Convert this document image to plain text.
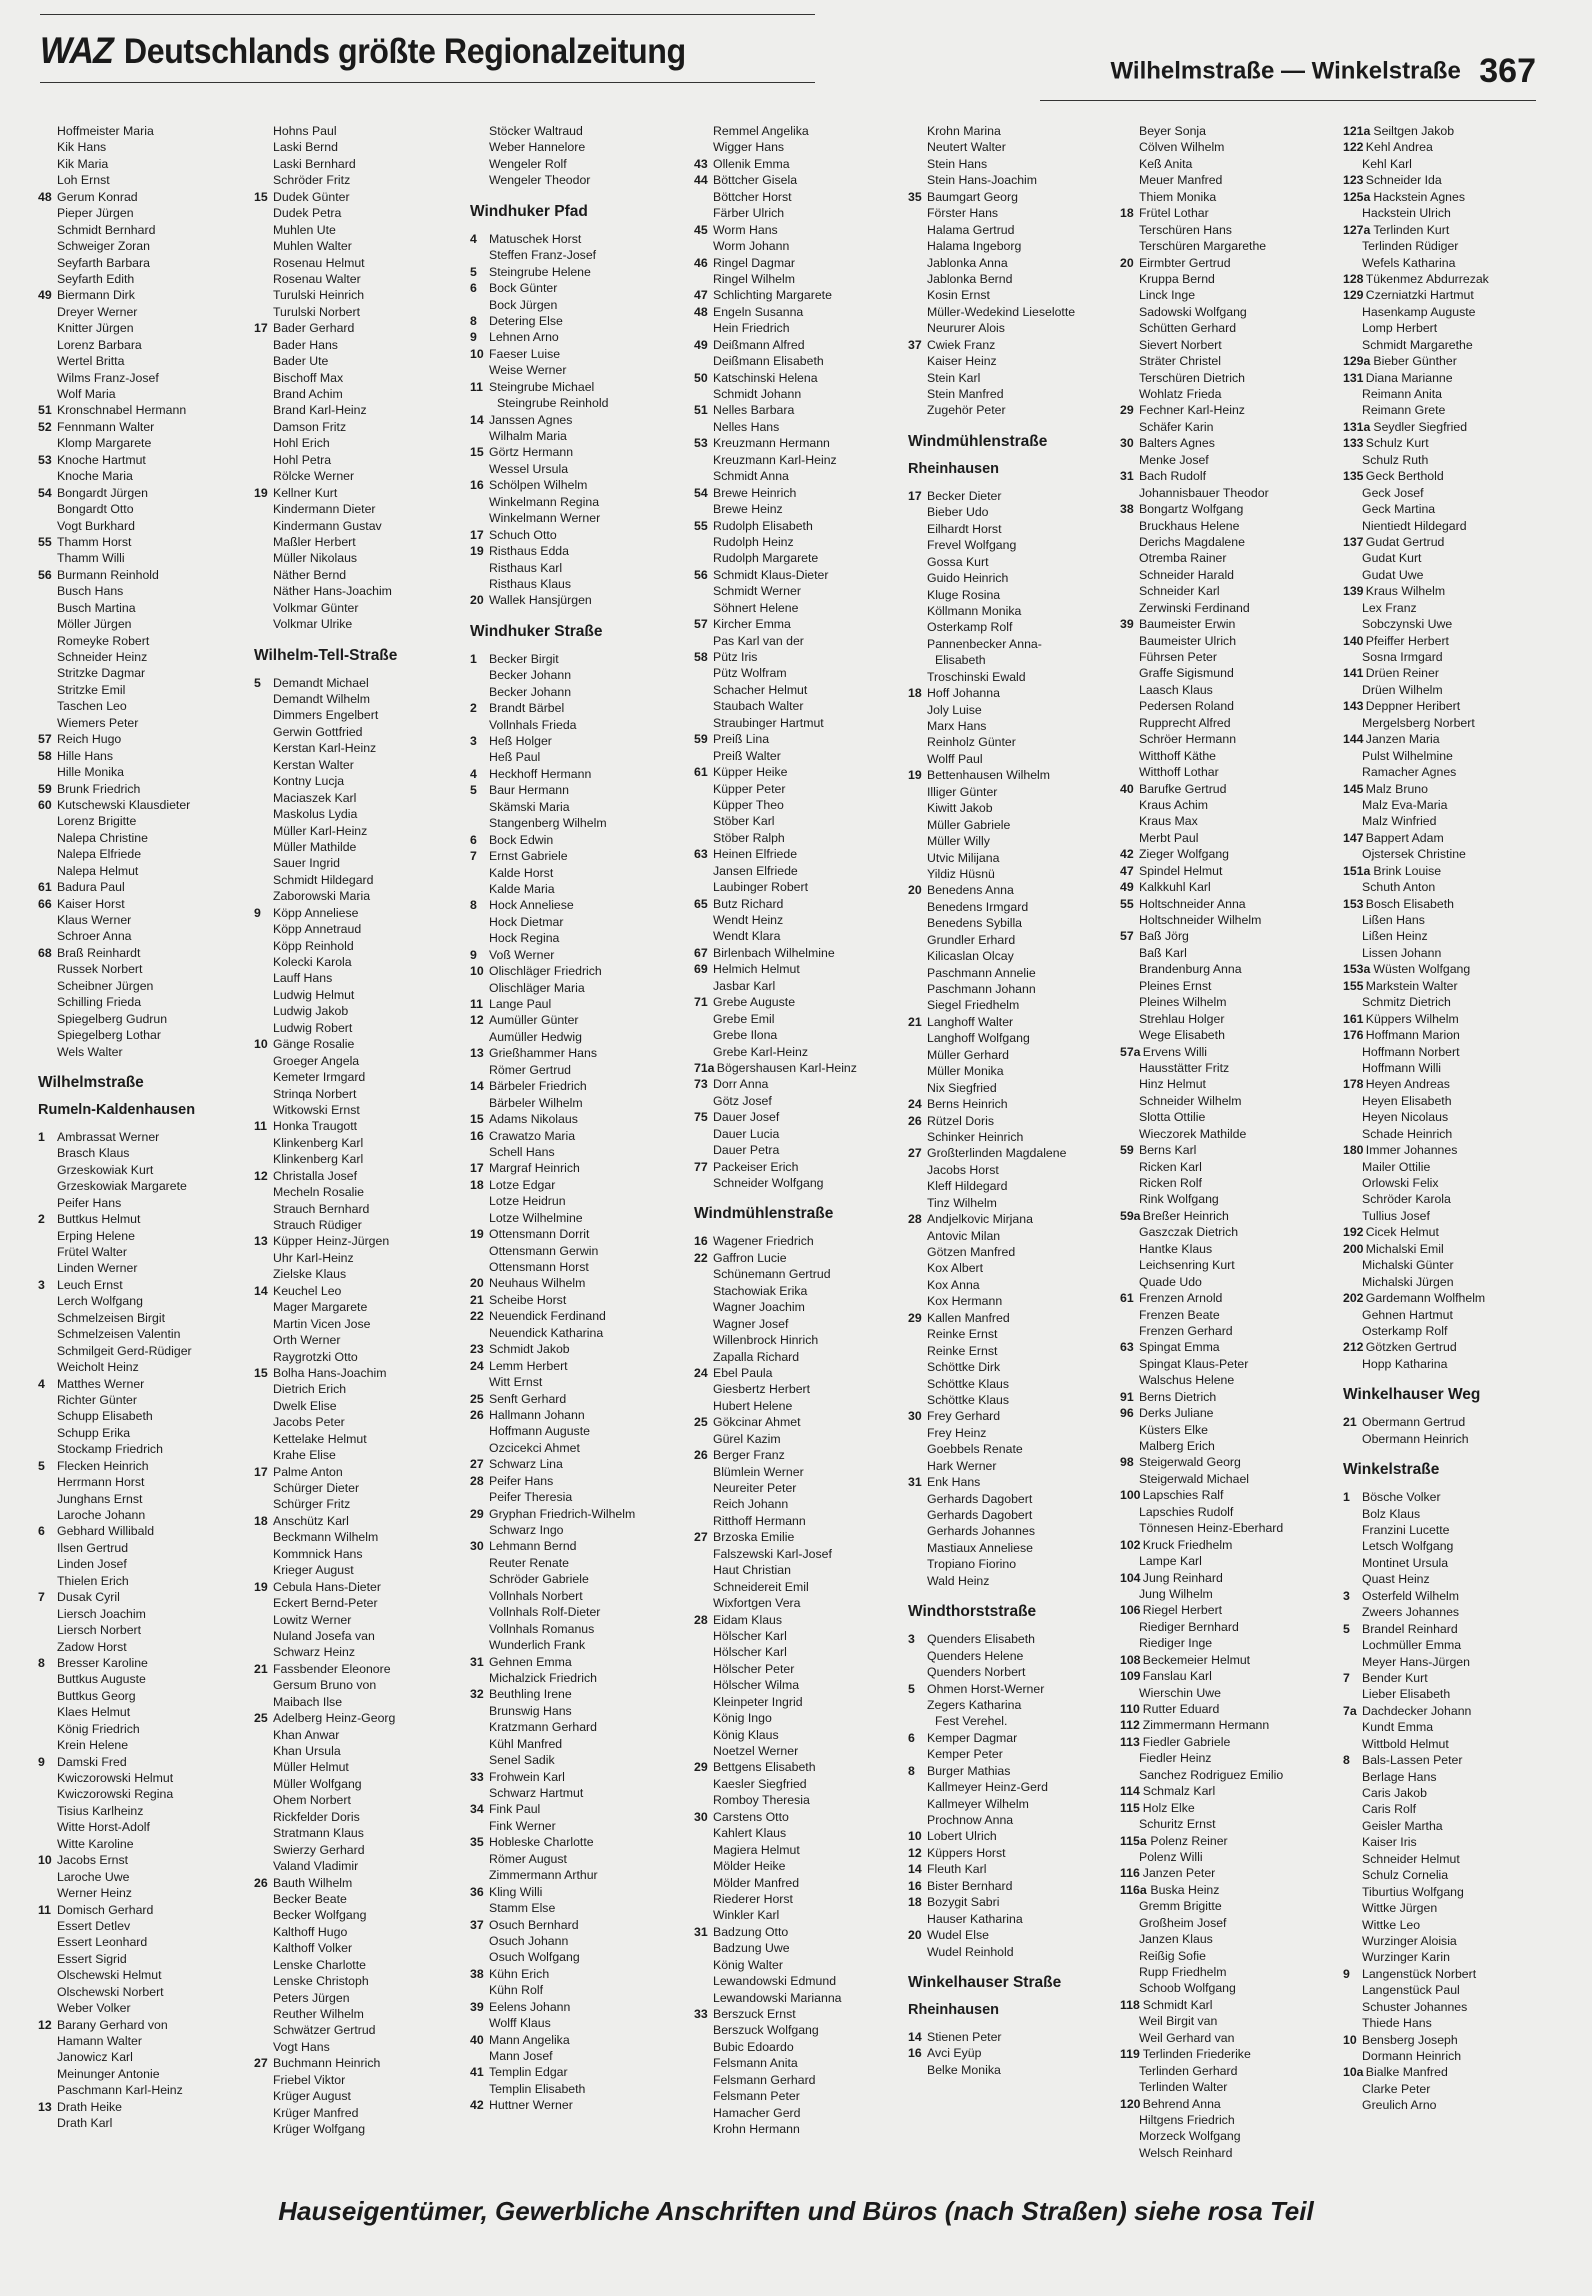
WAZ Deutschlands größte Regionalzeitung	Wilhelmstraße — Winkelstraße 367
Hoffmeister Maria
Kik Hans
Kik Maria
Loh Ernst
48 Gerum Konrad
Pieper Jürgen
Schmidt Bernhard
Schweiger Zoran
Seyfarth Barbara
Seyfarth Edith
49 Biermann Dirk
Dreyer Werner
Knitter Jürgen
Lorenz Barbara
Wertel Britta
Wilms Franz-Josef
Wolf Maria
51 Kronschnabel Hermann
52 Fennmann Walter
Klomp Margarete
53 Knoche Hartmut
Knoche Maria
54 Bongardt Jürgen
Bongardt Otto
Vogt Burkhard
55 Thamm Horst
Thamm Willi
56 Burmann Reinhold
Busch Hans
Busch Martina
Möller Jürgen
Romeyke Robert
Schneider Heinz
Stritzke Dagmar
Stritzke Emil
Taschen Leo
Wiemers Peter
57 Reich Hugo
58 Hille Hans
Hille Monika
59 Brunk Friedrich
60 Kutschewski Klausdieter
Lorenz Brigitte
Nalepa Christine
Nalepa Elfriede
Nalepa Helmut
61 Badura Paul
66 Kaiser Horst
Klaus Werner
Schroer Anna
68 Braß Reinhardt
Russek Norbert
Scheibner Jürgen
Schilling Frieda
Spiegelberg Gudrun
Spiegelberg Lothar
Wels Walter
Wilhelmstraße
Rumeln-Kaldenhausen
1 Ambrassat Werner
Brasch Klaus
Grzeskowiak Kurt
Grzeskowiak Margarete
Peifer Hans
2 Buttkus Helmut
Erping Helene
Frütel Walter
Linden Werner
3 Leuch Ernst
Lerch Wolfgang
Schmelzeisen Birgit
Schmelzeisen Valentin
Schmilgeit Gerd-Rüdiger
Weicholt Heinz
4 Matthes Werner
Richter Günter
Schupp Elisabeth
Schupp Erika
Stockamp Friedrich
5 Flecken Heinrich
Herrmann Horst
Junghans Ernst
Laroche Johann
6 Gebhard Willibald
Ilsen Gertrud
Linden Josef
Thielen Erich
7 Dusak Cyril
Liersch Joachim
Liersch Norbert
Zadow Horst
8 Bresser Karoline
Buttkus Auguste
Buttkus Georg
Klaes Helmut
König Friedrich
Krein Helene
9 Damski Fred
Kwiczorowski Helmut
Kwiczorowski Regina
Tisius Karlheinz
Witte Horst-Adolf
Witte Karoline
10 Jacobs Ernst
Laroche Uwe
Werner Heinz
11 Domisch Gerhard
Essert Detlev
Essert Leonhard
Essert Sigrid
Olschewski Helmut
Olschewski Norbert
Weber Volker
12 Barany Gerhard von
Hamann Walter
Janowicz Karl
Meinunger Antonie
Paschmann Karl-Heinz
13 Drath Heike
Drath Karl
Hohns Paul
Laski Bernd
Laski Bernhard
Schröder Fritz
15 Dudek Günter
Dudek Petra
Muhlen Ute
Muhlen Walter
Rosenau Helmut
Rosenau Walter
Turulski Heinrich
Turulski Norbert
17 Bader Gerhard
Bader Hans
Bader Ute
Bischoff Max
Brand Achim
Brand Karl-Heinz
Damson Fritz
Hohl Erich
Hohl Petra
Rölcke Werner
19 Kellner Kurt
Kindermann Dieter
Kindermann Gustav
Maßler Herbert
Müller Nikolaus
Näther Bernd
Näther Hans-Joachim
Volkmar Günter
Volkmar Ulrike
Wilhelm-Tell-Straße
5 Demandt Michael
Demandt Wilhelm
Dimmers Engelbert
Gerwin Gottfried
Kerstan Karl-Heinz
Kerstan Walter
Kontny Lucja
Maciaszek Karl
Maskolus Lydia
Müller Karl-Heinz
Müller Mathilde
Sauer Ingrid
Schmidt Hildegard
Zaborowski Maria
9 Köpp Anneliese
Köpp Annetraud
Köpp Reinhold
Kolecki Karola
Lauff Hans
Ludwig Helmut
Ludwig Jakob
Ludwig Robert
10 Gänge Rosalie
Groeger Angela
Kemeter Irmgard
Strinqa Norbert
Witkowski Ernst
11 Honka Traugott
Klinkenberg Karl
Klinkenberg Karl
12 Christalla Josef
Mecheln Rosalie
Strauch Bernhard
Strauch Rüdiger
13 Küpper Heinz-Jürgen
Uhr Karl-Heinz
Zielske Klaus
14 Keuchel Leo
Mager Margarete
Martin Vicen Jose
Orth Werner
Raygrotzki Otto
15 Bolha Hans-Joachim
Dietrich Erich
Dwelk Elise
Jacobs Peter
Kettelake Helmut
Krahe Elise
17 Palme Anton
Schürger Dieter
Schürger Fritz
18 Anschütz Karl
Beckmann Wilhelm
Kommnick Hans
Krieger August
19 Cebula Hans-Dieter
Eckert Bernd-Peter
Lowitz Werner
Nuland Josefa van
Schwarz Heinz
21 Fassbender Eleonore
Gersum Bruno von
Maibach Ilse
25 Adelberg Heinz-Georg
Khan Anwar
Khan Ursula
Müller Helmut
Müller Wolfgang
Ohem Norbert
Rickfelder Doris
Stratmann Klaus
Swierzy Gerhard
Valand Vladimir
26 Bauth Wilhelm
Becker Beate
Becker Wolfgang
Kalthoff Hugo
Kalthoff Volker
Lenske Charlotte
Lenske Christoph
Peters Jürgen
Reuther Wilhelm
Schwätzer Gertrud
Vogt Hans
27 Buchmann Heinrich
Friebel Viktor
Krüger August
Krüger Manfred
Krüger Wolfgang
Stöcker Waltraud
Weber Hannelore
Wengeler Rolf
Wengeler Theodor
Windhuker Pfad
4 Matuschek Horst
Steffen Franz-Josef
5 Steingrube Helene
6 Bock Günter
Bock Jürgen
8 Detering Else
9 Lehnen Arno
10 Faeser Luise
Weise Werner
11 Steingrube Michael
Steingrube Reinhold
14 Janssen Agnes
Wilhalm Maria
15 Görtz Hermann
Wessel Ursula
16 Schölpen Wilhelm
Winkelmann Regina
Winkelmann Werner
17 Schuch Otto
19 Risthaus Edda
Risthaus Karl
Risthaus Klaus
20 Wallek Hansjürgen
Windhuker Straße
1 Becker Birgit
Becker Johann
Becker Johann
2 Brandt Bärbel
Vollnhals Frieda
3 Heß Holger
Heß Paul
4 Heckhoff Hermann
5 Baur Hermann
Skämski Maria
Stangenberg Wilhelm
6 Bock Edwin
7 Ernst Gabriele
Kalde Horst
Kalde Maria
8 Hock Anneliese
Hock Dietmar
Hock Regina
9 Voß Werner
10 Olischläger Friedrich
Olischläger Maria
11 Lange Paul
12 Aumüller Günter
Aumüller Hedwig
13 Grießhammer Hans
Römer Gertrud
14 Bärbeler Friedrich
Bärbeler Wilhelm
15 Adams Nikolaus
16 Crawatzo Maria
Schell Hans
17 Margraf Heinrich
18 Lotze Edgar
Lotze Heidrun
Lotze Wilhelmine
19 Ottensmann Dorrit
Ottensmann Gerwin
Ottensmann Horst
20 Neuhaus Wilhelm
21 Scheibe Horst
22 Neuendick Ferdinand
Neuendick Katharina
23 Schmidt Jakob
24 Lemm Herbert
Witt Ernst
25 Senft Gerhard
26 Hallmann Johann
Hoffmann Auguste
Ozcicekci Ahmet
27 Schwarz Lina
28 Peifer Hans
Peifer Theresia
29 Gryphan Friedrich-Wilhelm
Schwarz Ingo
30 Lehmann Bernd
Reuter Renate
Schröder Gabriele
Vollnhals Norbert
Vollnhals Rolf-Dieter
Vollnhals Romanus
Wunderlich Frank
31 Gehnen Emma
Michalzick Friedrich
32 Beuthling Irene
Brunswig Hans
Kratzmann Gerhard
Kühl Manfred
Senel Sadik
33 Frohwein Karl
Schwarz Hartmut
34 Fink Paul
Fink Werner
35 Hobleske Charlotte
Römer August
Zimmermann Arthur
36 Kling Willi
Stamm Else
37 Osuch Bernhard
Osuch Johann
Osuch Wolfgang
38 Kühn Erich
Kühn Rolf
39 Eelens Johann
Wolff Klaus
40 Mann Angelika
Mann Josef
41 Templin Edgar
Templin Elisabeth
42 Huttner Werner
Remmel Angelika
Wigger Hans
43 Ollenik Emma
44 Böttcher Gisela
Böttcher Horst
Färber Ulrich
45 Worm Hans
Worm Johann
46 Ringel Dagmar
Ringel Wilhelm
47 Schlichting Margarete
48 Engeln Susanna
Hein Friedrich
49 Deißmann Alfred
Deißmann Elisabeth
50 Katschinski Helena
Schmidt Johann
51 Nelles Barbara
Nelles Hans
53 Kreuzmann Hermann
Kreuzmann Karl-Heinz
Schmidt Anna
54 Brewe Heinrich
Brewe Heinz
55 Rudolph Elisabeth
Rudolph Heinz
Rudolph Margarete
56 Schmidt Klaus-Dieter
Schmidt Werner
Söhnert Helene
57 Kircher Emma
Pas Karl van der
58 Pütz Iris
Pütz Wolfram
Schacher Helmut
Staubach Walter
Straubinger Hartmut
59 Preiß Lina
Preiß Walter
61 Küpper Heike
Küpper Peter
Küpper Theo
Stöber Karl
Stöber Ralph
63 Heinen Elfriede
Jansen Elfriede
Laubinger Robert
65 Butz Richard
Wendt Heinz
Wendt Klara
67 Birlenbach Wilhelmine
69 Helmich Helmut
Jasbar Karl
71 Grebe Auguste
Grebe Emil
Grebe Ilona
Grebe Karl-Heinz
71a Bögershausen Karl-Heinz
73 Dorr Anna
Götz Josef
75 Dauer Josef
Dauer Lucia
Dauer Petra
77 Packeiser Erich
Schneider Wolfgang
Windmühlenstraße
16 Wagener Friedrich
22 Gaffron Lucie
Schünemann Gertrud
Stachowiak Erika
Wagner Joachim
Wagner Josef
Willenbrock Hinrich
Zapalla Richard
24 Ebel Paula
Giesbertz Herbert
Hubert Helene
25 Gökcinar Ahmet
Gürel Kazim
26 Berger Franz
Blümlein Werner
Neureiter Peter
Reich Johann
Ritthoff Hermann
27 Brzoska Emilie
Falszewski Karl-Josef
Haut Christian
Schneidereit Emil
Wixfortgen Vera
28 Eidam Klaus
Hölscher Karl
Hölscher Karl
Hölscher Peter
Hölscher Wilma
Kleinpeter Ingrid
König Ingo
König Klaus
Noetzel Werner
29 Bettgens Elisabeth
Kaesler Siegfried
Romboy Theresia
30 Carstens Otto
Kahlert Klaus
Magiera Helmut
Mölder Heike
Mölder Manfred
Riederer Horst
Winkler Karl
31 Badzung Otto
Badzung Uwe
König Walter
Lewandowski Edmund
Lewandowski Marianna
33 Berszuck Ernst
Berszuck Wolfgang
Bubic Edoardo
Felsmann Anita
Felsmann Gerhard
Felsmann Peter
Hamacher Gerd
Krohn Hermann
Krohn Marina
Neutert Walter
Stein Hans
Stein Hans-Joachim
35 Baumgart Georg
Förster Hans
Halama Gertrud
Halama Ingeborg
Jablonka Anna
Jablonka Bernd
Kosin Ernst
Müller-Wedekind Lieselotte
Neururer Alois
37 Cwiek Franz
Kaiser Heinz
Stein Karl
Stein Manfred
Zugehör Peter
Windmühlenstraße
Rheinhausen
17 Becker Dieter
Bieber Udo
Eilhardt Horst
Frevel Wolfgang
Gossa Kurt
Guido Heinrich
Kluge Rosina
Köllmann Monika
Osterkamp Rolf
Pannenbecker Anna-
Elisabeth
Troschinski Ewald
18 Hoff Johanna
Joly Luise
Marx Hans
Reinholz Günter
Wolff Paul
19 Bettenhausen Wilhelm
Illiger Günter
Kiwitt Jakob
Müller Gabriele
Müller Willy
Utvic Milijana
Yildiz Hüsnü
20 Benedens Anna
Benedens Irmgard
Benedens Sybilla
Grundler Erhard
Kilicaslan Olcay
Paschmann Annelie
Paschmann Johann
Siegel Friedhelm
21 Langhoff Walter
Langhoff Wolfgang
Müller Gerhard
Müller Monika
Nix Siegfried
24 Berns Heinrich
26 Rützel Doris
Schinker Heinrich
27 Großterlinden Magdalene
Jacobs Horst
Kleff Hildegard
Tinz Wilhelm
28 Andjelkovic Mirjana
Antovic Milan
Götzen Manfred
Kox Albert
Kox Anna
Kox Hermann
29 Kallen Manfred
Reinke Ernst
Reinke Ernst
Schöttke Dirk
Schöttke Klaus
Schöttke Klaus
30 Frey Gerhard
Frey Heinz
Goebbels Renate
Hark Werner
31 Enk Hans
Gerhards Dagobert
Gerhards Dagobert
Gerhards Johannes
Mastiaux Anneliese
Tropiano Fiorino
Wald Heinz
Windthorststraße
3 Quenders Elisabeth
Quenders Helene
Quenders Norbert
5 Ohmen Horst-Werner
Zegers Katharina
Fest Verehel.
6 Kemper Dagmar
Kemper Peter
8 Burger Mathias
Kallmeyer Heinz-Gerd
Kallmeyer Wilhelm
Prochnow Anna
10 Lobert Ulrich
12 Küppers Horst
14 Fleuth Karl
16 Bister Bernhard
18 Bozygit Sabri
Hauser Katharina
20 Wudel Else
Wudel Reinhold
Winkelhauser Straße
Rheinhausen
14 Stienen Peter
16 Avci Eyüp
Belke Monika
Beyer Sonja
Cölven Wilhelm
Keß Anita
Meuer Manfred
Thiem Monika
18 Frütel Lothar
Terschüren Hans
Terschüren Margarethe
20 Eirmbter Gertrud
Kruppa Bernd
Linck Inge
Sadowski Wolfgang
Schütten Gerhard
Sievert Norbert
Sträter Christel
Terschüren Dietrich
Wohlatz Frieda
29 Fechner Karl-Heinz
Schäfer Karin
30 Balters Agnes
Menke Josef
31 Bach Rudolf
Johannisbauer Theodor
38 Bongartz Wolfgang
Bruckhaus Helene
Derichs Magdalene
Otremba Rainer
Schneider Harald
Schneider Karl
Zerwinski Ferdinand
39 Baumeister Erwin
Baumeister Ulrich
Führsen Peter
Graffe Sigismund
Laasch Klaus
Pedersen Roland
Rupprecht Alfred
Schröer Hermann
Witthoff Käthe
Witthoff Lothar
40 Barufke Gertrud
Kraus Achim
Kraus Max
Merbt Paul
42 Zieger Wolfgang
47 Spindel Helmut
49 Kalkkuhl Karl
55 Holtschneider Anna
Holtschneider Wilhelm
57 Baß Jörg
Baß Karl
Brandenburg Anna
Pleines Ernst
Pleines Wilhelm
Strehlau Holger
Wege Elisabeth
57a Ervens Willi
Hausstätter Fritz
Hinz Helmut
Schneider Wilhelm
Slotta Ottilie
Wieczorek Mathilde
59 Berns Karl
Ricken Karl
Ricken Rolf
Rink Wolfgang
59a Breßer Heinrich
Gaszczak Dietrich
Hantke Klaus
Leichsenring Kurt
Quade Udo
61 Frenzen Arnold
Frenzen Beate
Frenzen Gerhard
63 Spingat Emma
Spingat Klaus-Peter
Walschus Helene
91 Berns Dietrich
96 Derks Juliane
Küsters Elke
Malberg Erich
98 Steigerwald Georg
Steigerwald Michael
100 Lapschies Ralf
Lapschies Rudolf
Tönnesen Heinz-Eberhard
102 Kruck Friedhelm
Lampe Karl
104 Jung Reinhard
Jung Wilhelm
106 Riegel Herbert
Riediger Bernhard
Riediger Inge
108 Beckemeier Helmut
109 Fanslau Karl
Wierschin Uwe
110 Rutter Eduard
112 Zimmermann Hermann
113 Fiedler Gabriele
Fiedler Heinz
Sanchez Rodriguez Emilio
114 Schmalz Karl
115 Holz Elke
Schuritz Ernst
115a Polenz Reiner
Polenz Willi
116 Janzen Peter
116a Buska Heinz
Gremm Brigitte
Großheim Josef
Janzen Klaus
Reißig Sofie
Rupp Friedhelm
Schoob Wolfgang
118 Schmidt Karl
Weil Birgit van
Weil Gerhard van
119 Terlinden Friederike
Terlinden Gerhard
Terlinden Walter
120 Behrend Anna
Hiltgens Friedrich
Morzeck Wolfgang
Welsch Reinhard
121a Seiltgen Jakob
122 Kehl Andrea
Kehl Karl
123 Schneider Ida
125a Hackstein Agnes
Hackstein Ulrich
127a Terlinden Kurt
Terlinden Rüdiger
Wefels Katharina
128 Tükenmez Abdurrezak
129 Czerniatzki Hartmut
Hasenkamp Auguste
Lomp Herbert
Schmidt Margarethe
129a Bieber Günther
131 Diana Marianne
Reimann Anita
Reimann Grete
131a Seydler Siegfried
133 Schulz Kurt
Schulz Ruth
135 Geck Berthold
Geck Josef
Geck Martina
Nientiedt Hildegard
137 Gudat Gertrud
Gudat Kurt
Gudat Uwe
139 Kraus Wilhelm
Lex Franz
Sobczynski Uwe
140 Pfeiffer Herbert
Sosna Irmgard
141 Drüen Reiner
Drüen Wilhelm
143 Deppner Heribert
Mergelsberg Norbert
144 Janzen Maria
Pulst Wilhelmine
Ramacher Agnes
145 Malz Bruno
Malz Eva-Maria
Malz Winfried
147 Bappert Adam
Ojstersek Christine
151a Brink Louise
Schuth Anton
153 Bosch Elisabeth
Lißen Hans
Lißen Heinz
Lissen Johann
153a Wüsten Wolfgang
155 Markstein Walter
Schmitz Dietrich
161 Küppers Wilhelm
176 Hoffmann Marion
Hoffmann Norbert
Hoffmann Willi
178 Heyen Andreas
Heyen Elisabeth
Heyen Nicolaus
Schade Heinrich
180 Immer Johannes
Mailer Ottilie
Orlowski Felix
Schröder Karola
Tullius Josef
192 Cicek Helmut
200 Michalski Emil
Michalski Günter
Michalski Jürgen
202 Gardemann Wolfhelm
Gehnen Hartmut
Osterkamp Rolf
212 Götzken Gertrud
Hopp Katharina
Winkelhauser Weg
21 Obermann Gertrud
Obermann Heinrich
Winkelstraße
1 Bösche Volker
Bolz Klaus
Franzini Lucette
Letsch Wolfgang
Montinet Ursula
Quast Heinz
3 Osterfeld Wilhelm
Zweers Johannes
5 Brandel Reinhard
Lochmüller Emma
Meyer Hans-Jürgen
7 Bender Kurt
Lieber Elisabeth
7a Dachdecker Johann
Kundt Emma
Wittbold Helmut
8 Bals-Lassen Peter
Berlage Hans
Caris Jakob
Caris Rolf
Geisler Martha
Kaiser Iris
Schneider Helmut
Schulz Cornelia
Tiburtius Wolfgang
Wittke Jürgen
Wittke Leo
Wurzinger Aloisia
Wurzinger Karin
9 Langenstück Norbert
Langenstück Paul
Schuster Johannes
Thiede Hans
10 Bensberg Joseph
Dormann Heinrich
10a Bialke Manfred
Clarke Peter
Greulich Arno
Hauseigentümer, Gewerbliche Anschriften und Büros (nach Straßen) siehe rosa Teil
